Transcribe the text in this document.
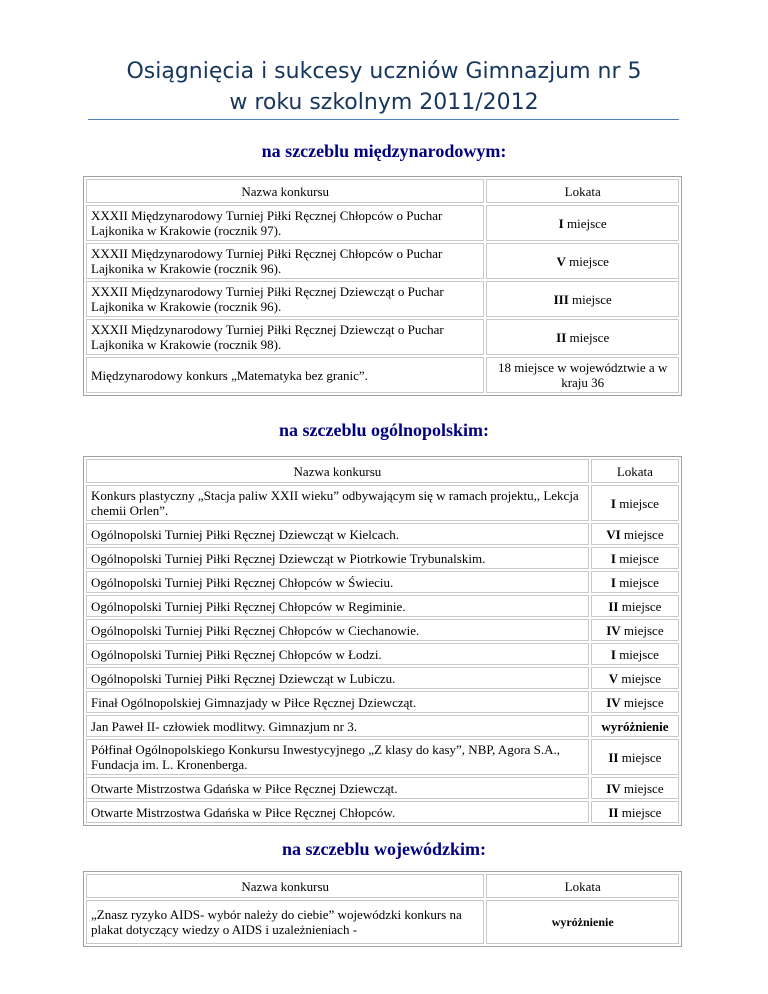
Osiągnięcia i sukcesy uczniów Gimnazjum nr 5
w roku szkolnym 2011/2012
na szczeblu międzynarodowym:
Nazwa konkursu	Lokata
XXXII Międzynarodowy Turniej Piłki Ręcznej Chłopców o Puchar Lajkonika w Krakowie (rocznik 97).	I miejsce
XXXII Międzynarodowy Turniej Piłki Ręcznej Chłopców o Puchar Lajkonika w Krakowie (rocznik 96).	V miejsce
XXXII Międzynarodowy Turniej Piłki Ręcznej Dziewcząt o Puchar Lajkonika w Krakowie (rocznik 96).	III miejsce
XXXII Międzynarodowy Turniej Piłki Ręcznej Dziewcząt o Puchar Lajkonika w Krakowie (rocznik 98).	II miejsce
Międzynarodowy konkurs „Matematyka bez granic”.	18 miejsce w województwie a w kraju 36
na szczeblu ogólnopolskim:
Nazwa konkursu	Lokata
Konkurs plastyczny „Stacja paliw XXII wieku” odbywającym się w ramach projektu,, Lekcja chemii Orlen”.	I miejsce
Ogólnopolski Turniej Piłki Ręcznej Dziewcząt w Kielcach.	VI miejsce
Ogólnopolski Turniej Piłki Ręcznej Dziewcząt w Piotrkowie Trybunalskim.	I miejsce
Ogólnopolski Turniej Piłki Ręcznej Chłopców w Świeciu.	I miejsce
Ogólnopolski Turniej Piłki Ręcznej Chłopców w Regiminie.	II miejsce
Ogólnopolski Turniej Piłki Ręcznej Chłopców w Ciechanowie.	IV miejsce
Ogólnopolski Turniej Piłki Ręcznej Chłopców w Łodzi.	I miejsce
Ogólnopolski Turniej Piłki Ręcznej Dziewcząt w Lubiczu.	V miejsce
Finał Ogólnopolskiej Gimnazjady w Piłce Ręcznej Dziewcząt.	IV miejsce
Jan Paweł II- człowiek modlitwy. Gimnazjum nr 3.	wyróżnienie
Półfinał Ogólnopolskiego Konkursu Inwestycyjnego „Z klasy do kasy”, NBP, Agora S.A., Fundacja im. L. Kronenberga.	II miejsce
Otwarte Mistrzostwa Gdańska w Piłce Ręcznej Dziewcząt.	IV miejsce
Otwarte Mistrzostwa Gdańska w Piłce Ręcznej Chłopców.	II miejsce
na szczeblu wojewódzkim:
Nazwa konkursu	Lokata
„Znasz ryzyko AIDS- wybór należy do ciebie” wojewódzki konkurs na plakat dotyczący wiedzy o AIDS i uzależnieniach -	wyróżnienie
